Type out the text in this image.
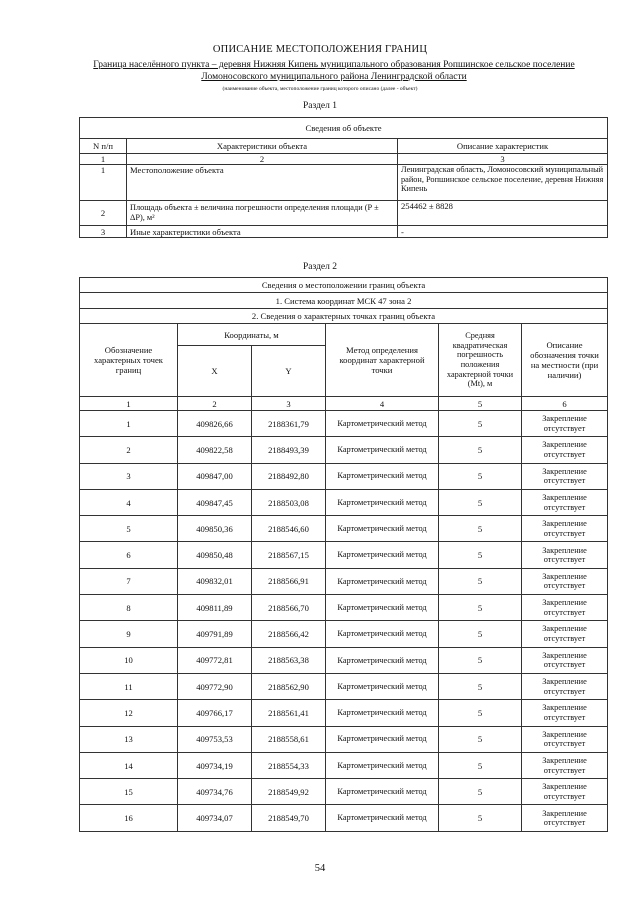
ОПИСАНИЕ МЕСТОПОЛОЖЕНИЯ ГРАНИЦ
Граница населённого пункта – деревня Нижняя Кипень муниципального образования Ропшинское сельское поселение Ломоносовского муниципального района Ленинградской области
(наименование объекта, местоположение границ которого описано (далее - объект)
Раздел 1
Сведения об объекте		
N п/п	Характеристики объекта	Описание характеристик
1	2	3
1	Местоположение объекта	Ленинградская область, Ломоносовский муниципальный район, Ропшинское сельское поселение, деревня Нижняя Кипень
2	Площадь объекта ± величина погрешности определения площади (Р ± ΔР), м²	254462 ± 8828
3	Иные характеристики объекта	-
Раздел 2
Сведения о местоположении границ объекта					
1. Система координат МСК 47 зона 2					
2. Сведения о характерных точках границ объекта					
Обозначение характерных точек границ	Координаты, м		Метод определения координат характерной точки	Средняя квадратическая погрешность положения характерной точки (Mt), м	Описание обозначения точки на местности (при наличии)
	X	Y			
1	2	3	4	5	6
1	409826,66	2188361,79	Картометрический метод	5	Закрепление отсутствует
2	409822,58	2188493,39	Картометрический метод	5	Закрепление отсутствует
3	409847,00	2188492,80	Картометрический метод	5	Закрепление отсутствует
4	409847,45	2188503,08	Картометрический метод	5	Закрепление отсутствует
5	409850,36	2188546,60	Картометрический метод	5	Закрепление отсутствует
6	409850,48	2188567,15	Картометрический метод	5	Закрепление отсутствует
7	409832,01	2188566,91	Картометрический метод	5	Закрепление отсутствует
8	409811,89	2188566,70	Картометрический метод	5	Закрепление отсутствует
9	409791,89	2188566,42	Картометрический метод	5	Закрепление отсутствует
10	409772,81	2188563,38	Картометрический метод	5	Закрепление отсутствует
11	409772,90	2188562,90	Картометрический метод	5	Закрепление отсутствует
12	409766,17	2188561,41	Картометрический метод	5	Закрепление отсутствует
13	409753,53	2188558,61	Картометрический метод	5	Закрепление отсутствует
14	409734,19	2188554,33	Картометрический метод	5	Закрепление отсутствует
15	409734,76	2188549,92	Картометрический метод	5	Закрепление отсутствует
16	409734,07	2188549,70	Картометрический метод	5	Закрепление отсутствует
54
